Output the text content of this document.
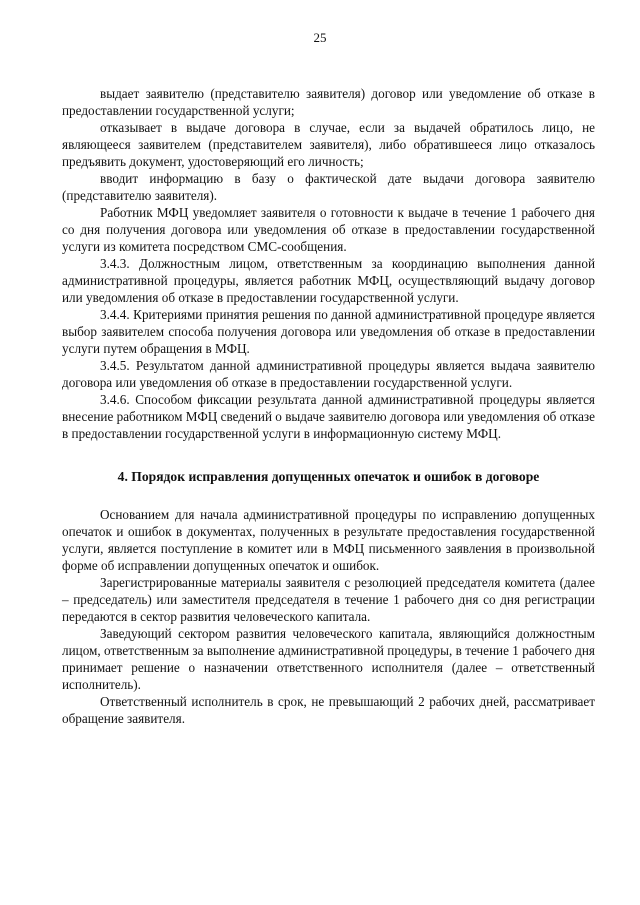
25

выдает заявителю (представителю заявителя) договор или уведомление об отказе в предоставлении государственной услуги;

отказывает в выдаче договора в случае, если за выдачей обратилось лицо, не являющееся заявителем (представителем заявителя), либо обратившееся лицо отказалось предъявить документ, удостоверяющий его личность;

вводит информацию в базу о фактической дате выдачи договора заявителю (представителю заявителя).

Работник МФЦ уведомляет заявителя о готовности к выдаче в течение 1 рабочего дня со дня получения договора или уведомления об отказе в предоставлении государственной услуги из комитета посредством СМС-сообщения.

3.4.3. Должностным лицом, ответственным за координацию выполнения данной административной процедуры, является работник МФЦ, осуществляющий выдачу договор или уведомления об отказе в предоставлении государственной услуги.

3.4.4. Критериями принятия решения по данной административной процедуре является выбор заявителем способа получения договора или уведомления об отказе в предоставлении услуги путем обращения в МФЦ.

3.4.5. Результатом данной административной процедуры является выдача заявителю договора или уведомления об отказе в предоставлении государственной услуги.

3.4.6. Способом фиксации результата данной административной процедуры является внесение работником МФЦ сведений о выдаче заявителю договора или уведомления об отказе в предоставлении государственной услуги в информационную систему МФЦ.

4. Порядок исправления допущенных опечаток и ошибок в договоре

Основанием для начала административной процедуры по исправлению допущенных опечаток и ошибок в документах, полученных в результате предоставления государственной услуги, является поступление в комитет или в МФЦ письменного заявления в произвольной форме об исправлении допущенных опечаток и ошибок.

Зарегистрированные материалы заявителя с резолюцией председателя комитета (далее – председатель) или заместителя председателя в течение 1 рабочего дня со дня регистрации передаются в сектор развития человеческого капитала.

Заведующий сектором развития человеческого капитала, являющийся должностным лицом, ответственным за выполнение административной процедуры, в течение 1 рабочего дня принимает решение о назначении ответственного исполнителя (далее – ответственный исполнитель).

Ответственный исполнитель в срок, не превышающий 2 рабочих дней, рассматривает обращение заявителя.
